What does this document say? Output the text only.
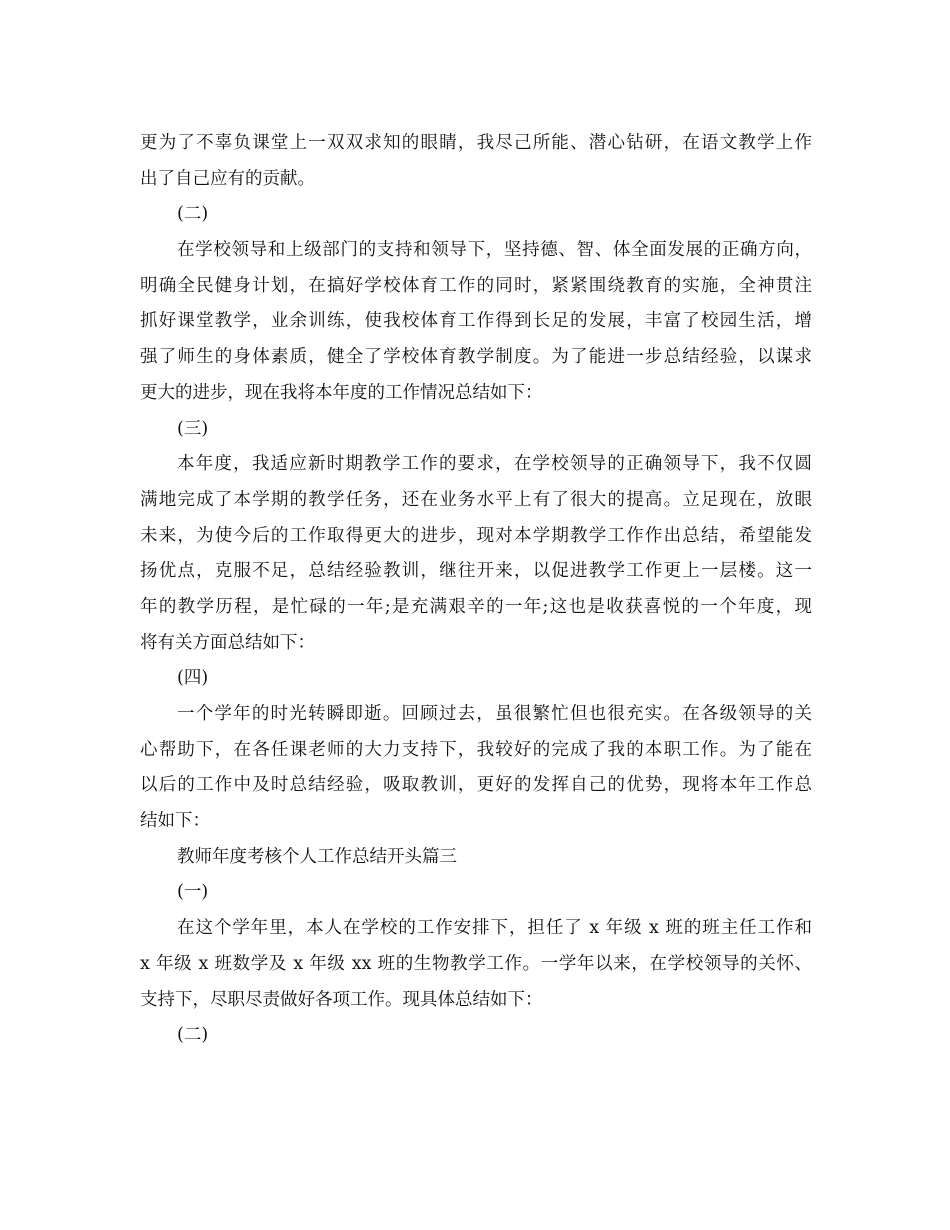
更为了不辜负课堂上一双双求知的眼睛，我尽己所能、潜心钻研，在语文教学上作
出了自己应有的贡献。
(二)
在学校领导和上级部门的支持和领导下，坚持德、智、体全面发展的正确方向，
明确全民健身计划，在搞好学校体育工作的同时，紧紧围绕教育的实施，全神贯注
抓好课堂教学，业余训练，使我校体育工作得到长足的发展，丰富了校园生活，增
强了师生的身体素质，健全了学校体育教学制度。为了能进一步总结经验，以谋求
更大的进步，现在我将本年度的工作情况总结如下：
(三)
本年度，我适应新时期教学工作的要求，在学校领导的正确领导下，我不仅圆
满地完成了本学期的教学任务，还在业务水平上有了很大的提高。立足现在，放眼
未来，为使今后的工作取得更大的进步，现对本学期教学工作作出总结，希望能发
扬优点，克服不足，总结经验教训，继往开来，以促进教学工作更上一层楼。这一
年的教学历程，是忙碌的一年;是充满艰辛的一年;这也是收获喜悦的一个年度，现
将有关方面总结如下：
(四)
一个学年的时光转瞬即逝。回顾过去，虽很繁忙但也很充实。在各级领导的关
心帮助下，在各任课老师的大力支持下，我较好的完成了我的本职工作。为了能在
以后的工作中及时总结经验，吸取教训，更好的发挥自己的优势，现将本年工作总
结如下：
教师年度考核个人工作总结开头篇三
(一)
在这个学年里，本人在学校的工作安排下，担任了 x 年级 x 班的班主任工作和
x 年级 x 班数学及 x 年级 xx 班的生物教学工作。一学年以来，在学校领导的关怀、
支持下，尽职尽责做好各项工作。现具体总结如下：
(二)
